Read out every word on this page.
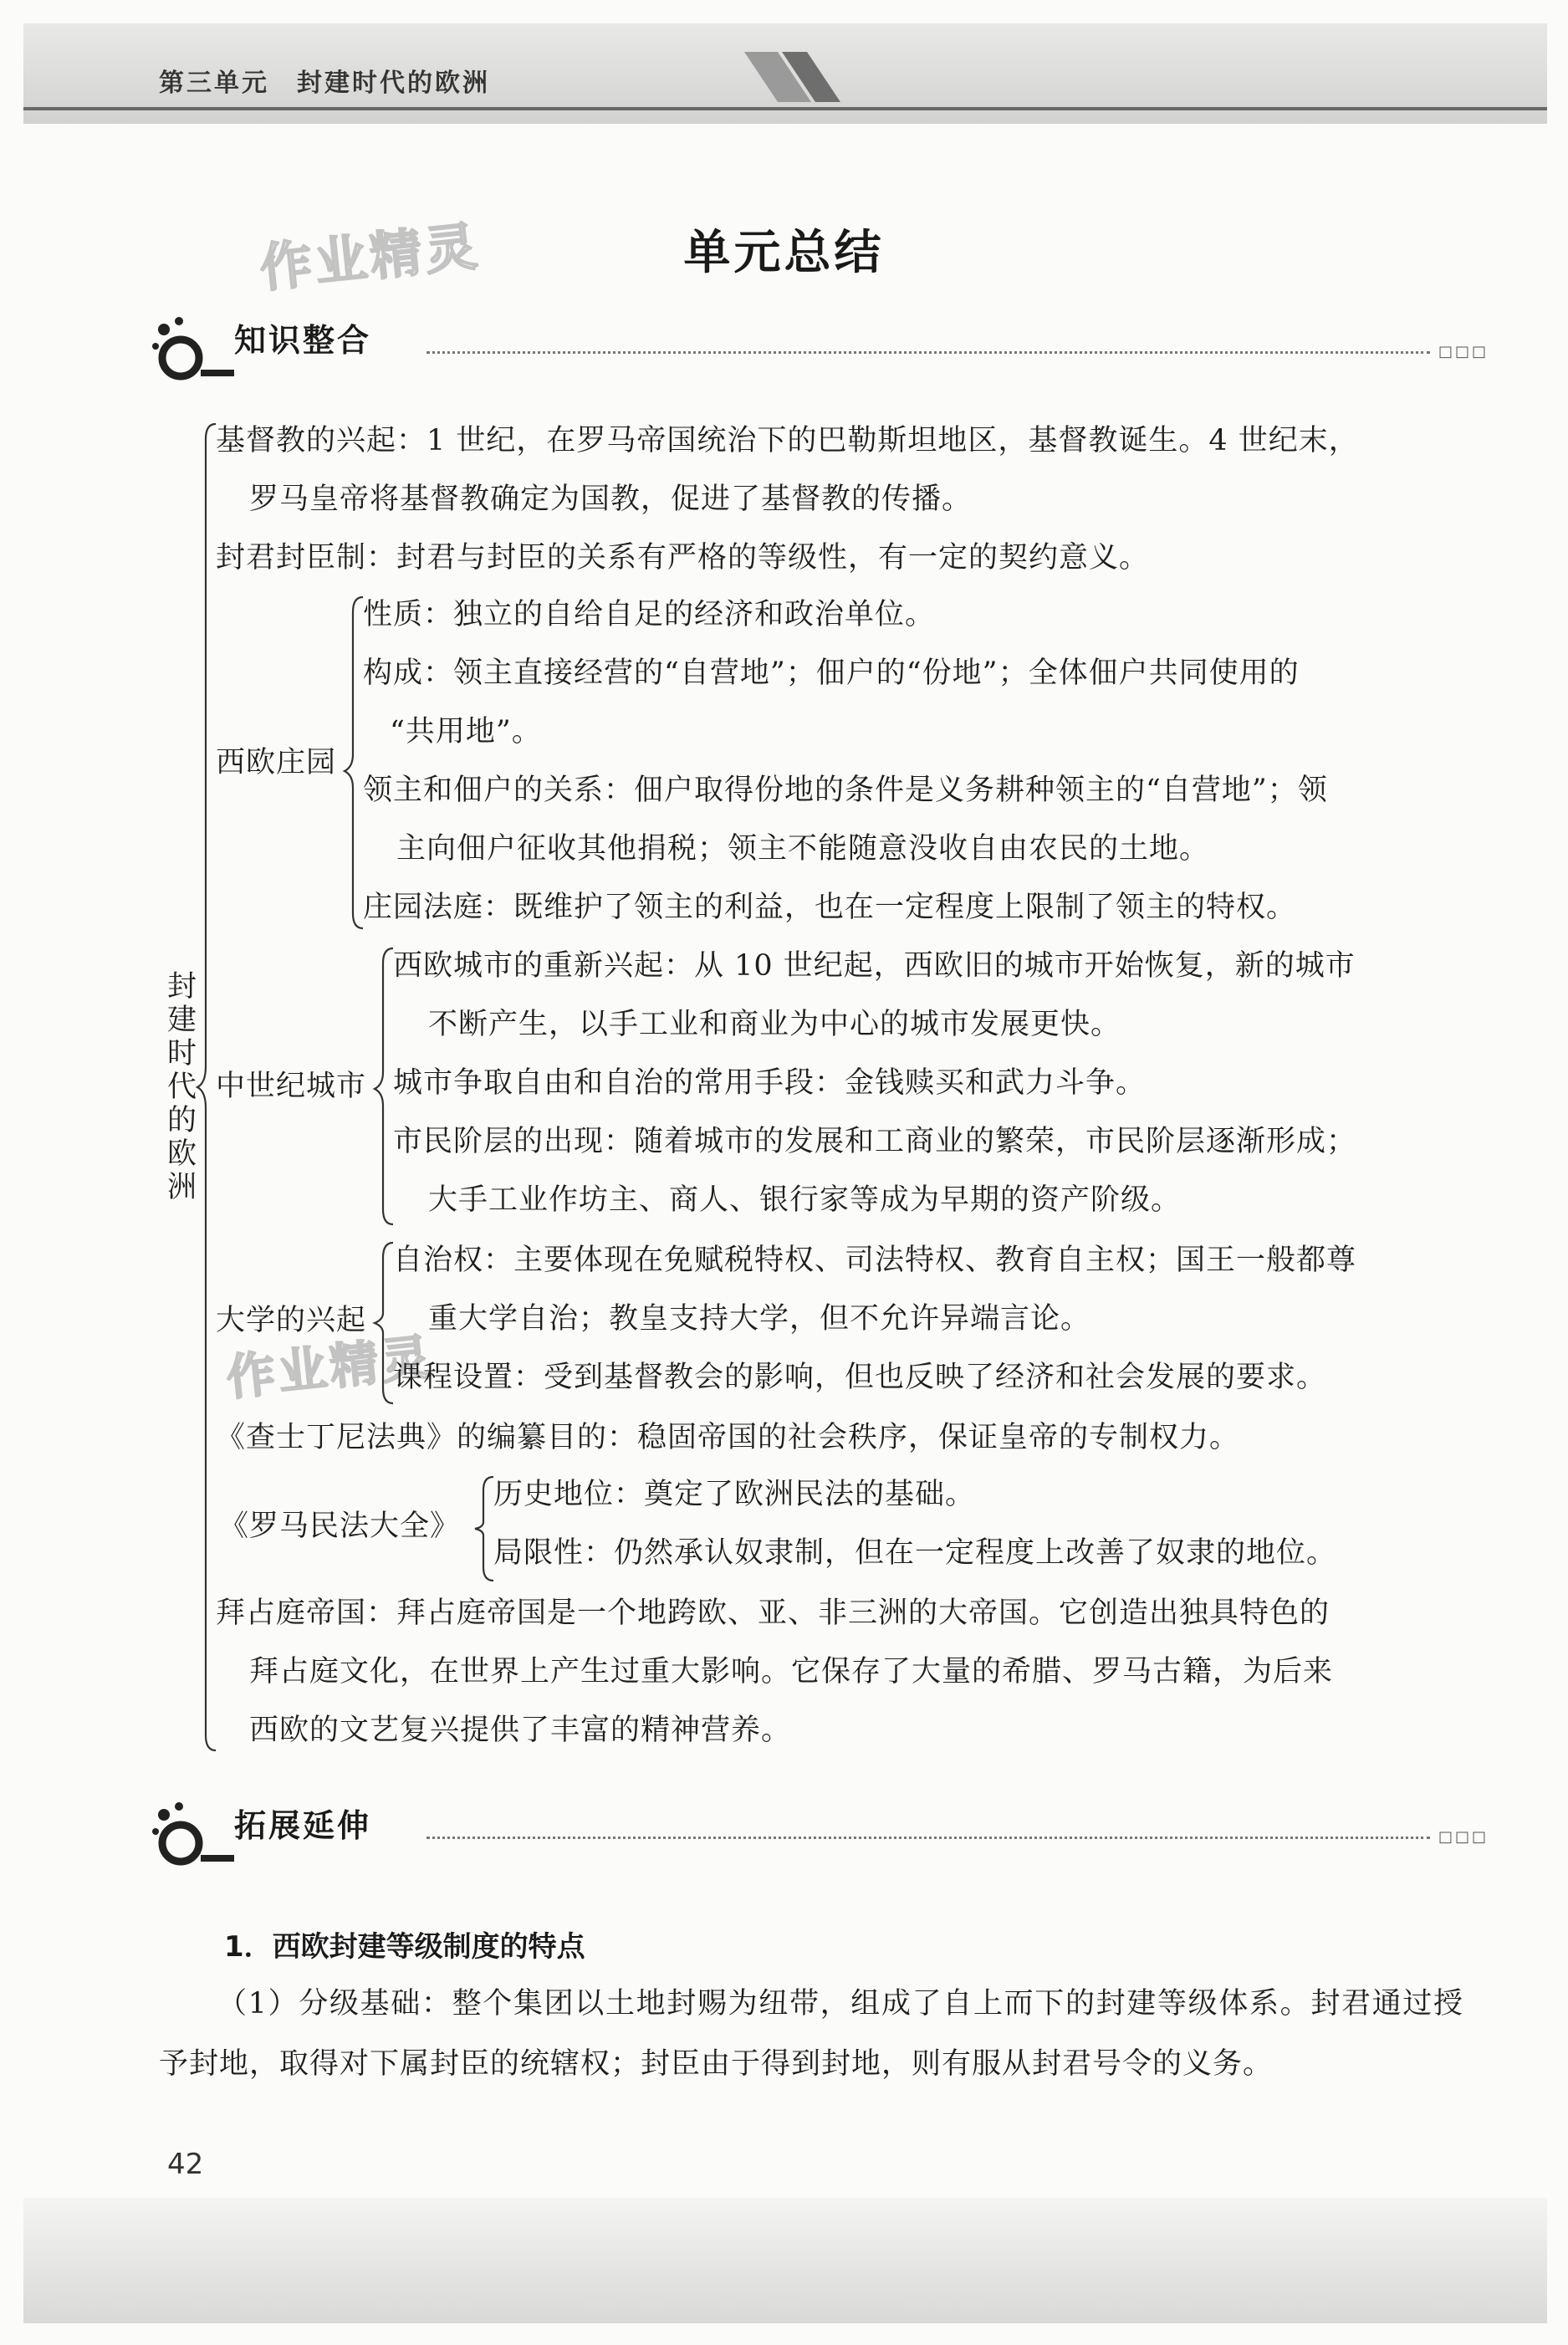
第三单元　封建时代的欧洲
作业精灵
作业精灵
单元总结
知识整合	□□□
封建时代的欧洲
基督教的兴起：1 世纪，在罗马帝国统治下的巴勒斯坦地区，基督教诞生。4 世纪末，
罗马皇帝将基督教确定为国教，促进了基督教的传播。
封君封臣制：封君与封臣的关系有严格的等级性，有一定的契约意义。
西欧庄园
性质：独立的自给自足的经济和政治单位。
构成：领主直接经营的“自营地”；佃户的“份地”；全体佃户共同使用的
“共用地”。
领主和佃户的关系：佃户取得份地的条件是义务耕种领主的“自营地”；领
主向佃户征收其他捐税；领主不能随意没收自由农民的土地。
庄园法庭：既维护了领主的利益，也在一定程度上限制了领主的特权。
中世纪城市
西欧城市的重新兴起：从 10 世纪起，西欧旧的城市开始恢复，新的城市
不断产生，以手工业和商业为中心的城市发展更快。
城市争取自由和自治的常用手段：金钱赎买和武力斗争。
市民阶层的出现：随着城市的发展和工商业的繁荣，市民阶层逐渐形成；
大手工业作坊主、商人、银行家等成为早期的资产阶级。
大学的兴起
自治权：主要体现在免赋税特权、司法特权、教育自主权；国王一般都尊
重大学自治；教皇支持大学，但不允许异端言论。
课程设置：受到基督教会的影响，但也反映了经济和社会发展的要求。
《查士丁尼法典》的编纂目的：稳固帝国的社会秩序，保证皇帝的专制权力。
《罗马民法大全》
历史地位：奠定了欧洲民法的基础。
局限性：仍然承认奴隶制，但在一定程度上改善了奴隶的地位。
拜占庭帝国：拜占庭帝国是一个地跨欧、亚、非三洲的大帝国。它创造出独具特色的
拜占庭文化，在世界上产生过重大影响。它保存了大量的希腊、罗马古籍，为后来
西欧的文艺复兴提供了丰富的精神营养。
拓展延伸	□□□
1．西欧封建等级制度的特点
（1）分级基础：整个集团以土地封赐为纽带，组成了自上而下的封建等级体系。封君通过授予封地，取得对下属封臣的统辖权；封臣由于得到封地，则有服从封君号令的义务。
42
